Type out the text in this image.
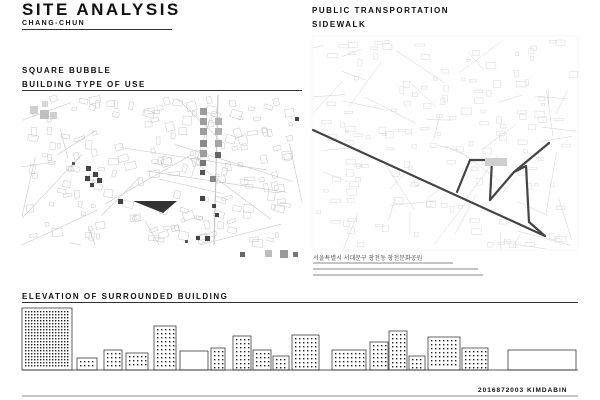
SITE ANALYSIS
CHANG-CHUN
SQUARE BUBBLE
BUILDING TYPE OF USE
PUBLIC TRANSPORTATION
SIDEWALK
ELEVATION OF SURROUNDED BUILDING
2016872003 KIMDABIN
서울특별시 서대문구 창천동 창천문화공원
